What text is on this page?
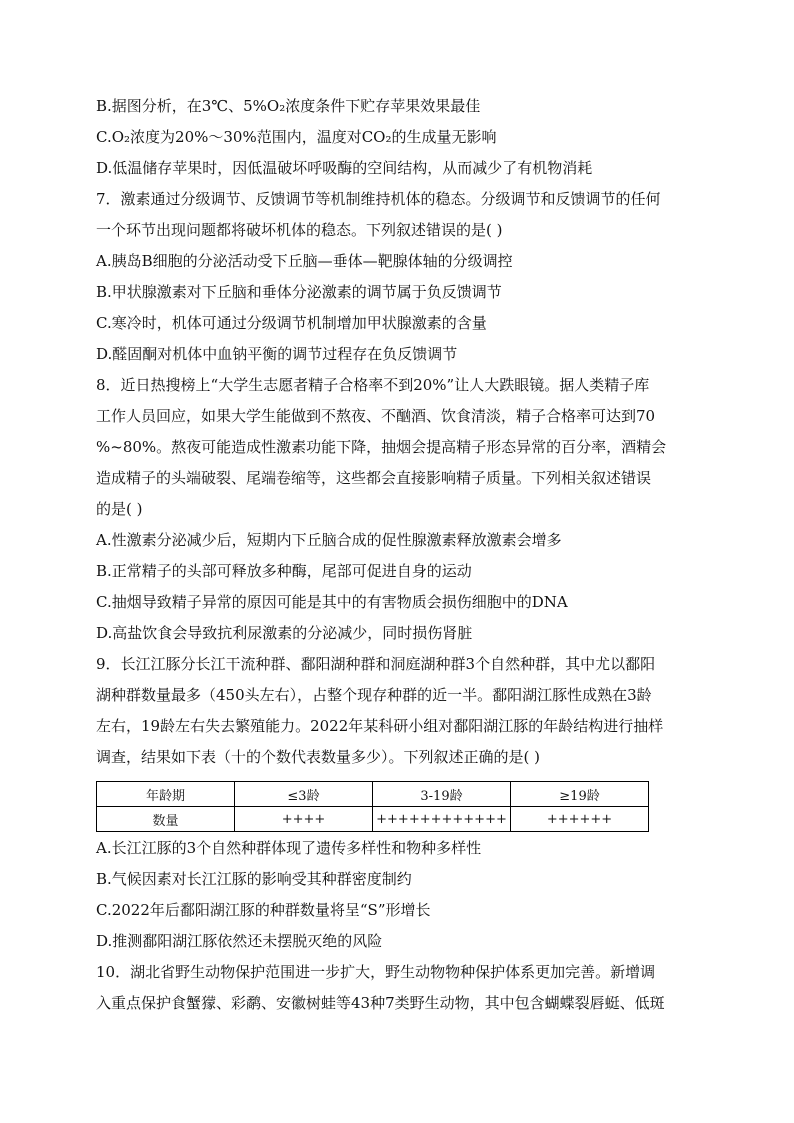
B.据图分析，在3℃、5%O₂浓度条件下贮存苹果效果最佳
C.O₂浓度为20%～30%范围内，温度对CO₂的生成量无影响
D.低温储存苹果时，因低温破坏呼吸酶的空间结构，从而减少了有机物消耗
7．激素通过分级调节、反馈调节等机制维持机体的稳态。分级调节和反馈调节的任何
一个环节出现问题都将破坏机体的稳态。下列叙述错误的是( )
A.胰岛B细胞的分泌活动受下丘脑—垂体—靶腺体轴的分级调控
B.甲状腺激素对下丘脑和垂体分泌激素的调节属于负反馈调节
C.寒冷时，机体可通过分级调节机制增加甲状腺激素的含量
D.醛固酮对机体中血钠平衡的调节过程存在负反馈调节
8．近日热搜榜上“大学生志愿者精子合格率不到20%”让人大跌眼镜。据人类精子库
工作人员回应，如果大学生能做到不熬夜、不酗酒、饮食清淡，精子合格率可达到70
%~80%。熬夜可能造成性激素功能下降，抽烟会提高精子形态异常的百分率，酒精会
造成精子的头端破裂、尾端卷缩等，这些都会直接影响精子质量。下列相关叙述错误
的是( )
A.性激素分泌减少后，短期内下丘脑合成的促性腺激素释放激素会增多
B.正常精子的头部可释放多种酶，尾部可促进自身的运动
C.抽烟导致精子异常的原因可能是其中的有害物质会损伤细胞中的DNA
D.高盐饮食会导致抗利尿激素的分泌减少，同时损伤肾脏
9．长江江豚分长江干流种群、鄱阳湖种群和洞庭湖种群3个自然种群，其中尤以鄱阳
湖种群数量最多（450头左右），占整个现存种群的近一半。鄱阳湖江豚性成熟在3龄
左右，19龄左右失去繁殖能力。2022年某科研小组对鄱阳湖江豚的年龄结构进行抽样
调查，结果如下表（十的个数代表数量多少）。下列叙述正确的是( )
年龄期	≤3龄	3-19龄	≥19龄
数量	++++	++++++++++++	++++++
A.长江江豚的3个自然种群体现了遗传多样性和物种多样性
B.气候因素对长江江豚的影响受其种群密度制约
C.2022年后鄱阳湖江豚的种群数量将呈“S”形增长
D.推测鄱阳湖江豚依然还未摆脱灭绝的风险
10．湖北省野生动物保护范围进一步扩大，野生动物物种保护体系更加完善。新增调
入重点保护食蟹獴、彩鹬、安徽树蛙等43种7类野生动物，其中包含蝴蝶裂唇蜓、低斑
